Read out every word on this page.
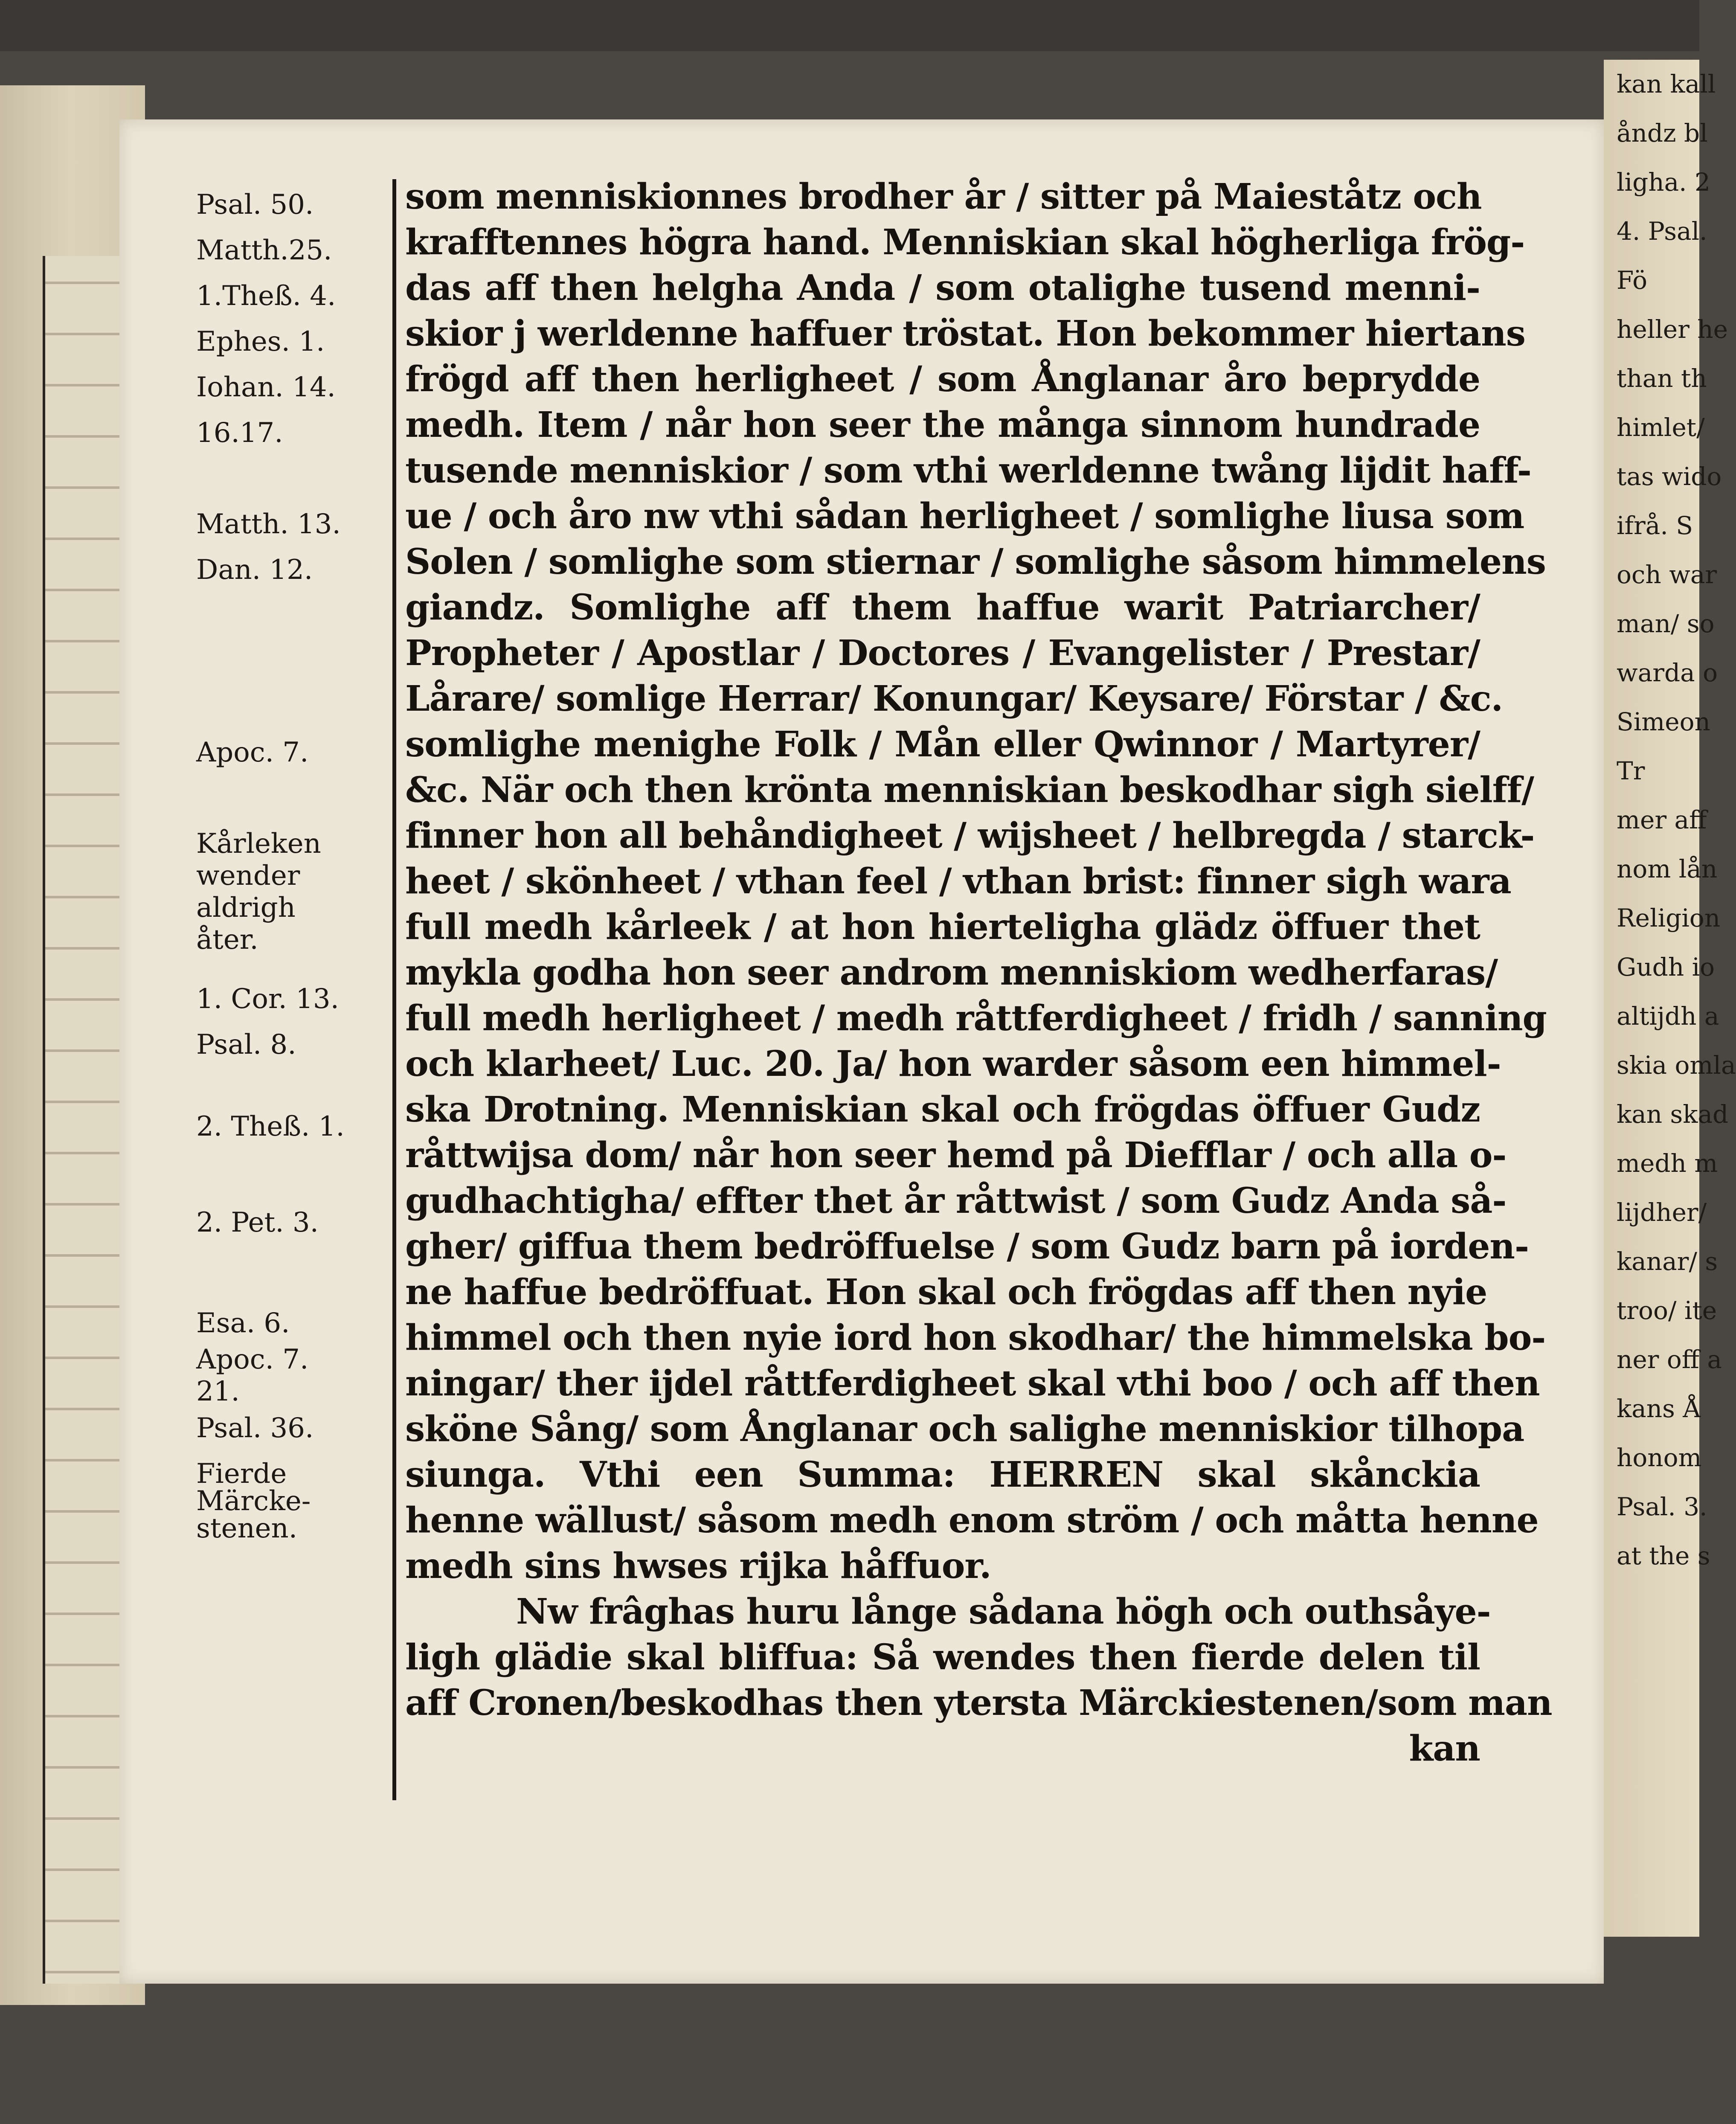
kan kall
åndz bl
ligha. 2
4. Psal.
Fö
heller he
than th
himlet/
tas wido
ifrå. S
och war
man/ so
warda o
Simeon
Tr
mer aff
nom lån
Religion
Gudh io
altijdh a
skia omla
kan skad
medh m
lijdher/
kanar/ s
troo/ ite
ner off a
kans Å
honom
Psal. 3.
at the s
Psal. 50.
Matth.25.
1.Theß. 4.
Ephes. 1.
Iohan. 14.
16.17.
Matth. 13.
Dan. 12.
Apoc. 7.
Kårleken
wender
aldrigh
åter.
1. Cor. 13.
Psal. 8.
2. Theß. 1.
2. Pet. 3.
Esa. 6.
Apoc. 7.
21.
Psal. 36.
Fierde
Märcke-
stenen.
som menniskionnes brodher år / sitter på Maieståtz och
krafftennes högra hand. Menniskian skal högherliga frög-
das aff then helgha Anda / som otalighe tusend menni-
skior j werldenne haffuer tröstat. Hon bekommer hiertans
frögd aff then herligheet / som Ånglanar åro beprydde
medh. Item / når hon seer the många sinnom hundrade
tusende menniskior / som vthi werldenne twång lijdit haff-
ue / och åro nw vthi sådan herligheet / somlighe liusa som
Solen / somlighe som stiernar / somlighe såsom himmelens
giandz. Somlighe aff them haffue warit Patriarcher/
Propheter / Apostlar / Doctores / Evangelister / Prestar/
Lårare/ somlige Herrar/ Konungar/ Keysare/ Förstar / &c.
somlighe menighe Folk / Mån eller Qwinnor / Martyrer/
&c. När och then krönta menniskian beskodhar sigh sielff/
finner hon all behåndigheet / wijsheet / helbregda / starck-
heet / skönheet / vthan feel / vthan brist: finner sigh wara
full medh kårleek / at hon hierteligha glädz öffuer thet
mykla godha hon seer androm menniskiom wedherfaras/
full medh herligheet / medh råttferdigheet / fridh / sanning
och klarheet/ Luc. 20. Ja/ hon warder såsom een himmel-
ska Drotning. Menniskian skal och frögdas öffuer Gudz
råttwijsa dom/ når hon seer hemd på Diefflar / och alla o-
gudhachtigha/ effter thet år råttwist / som Gudz Anda så-
gher/ giffua them bedröffuelse / som Gudz barn på iorden-
ne haffue bedröffuat. Hon skal och frögdas aff then nyie
himmel och then nyie iord hon skodhar/ the himmelska bo-
ningar/ ther ijdel råttferdigheet skal vthi boo / och aff then
sköne Sång/ som Ånglanar och salighe menniskior tilhopa
siunga. Vthi een Summa: HERREN skal skånckia
henne wällust/ såsom medh enom ström / och måtta henne
medh sins hwses rijka håffuor.
Nw frâghas huru långe sådana högh och outhsåye-
ligh glädie skal bliffua: Så wendes then fierde delen til
aff Cronen/beskodhas then ytersta Märckiestenen/som man
kan
